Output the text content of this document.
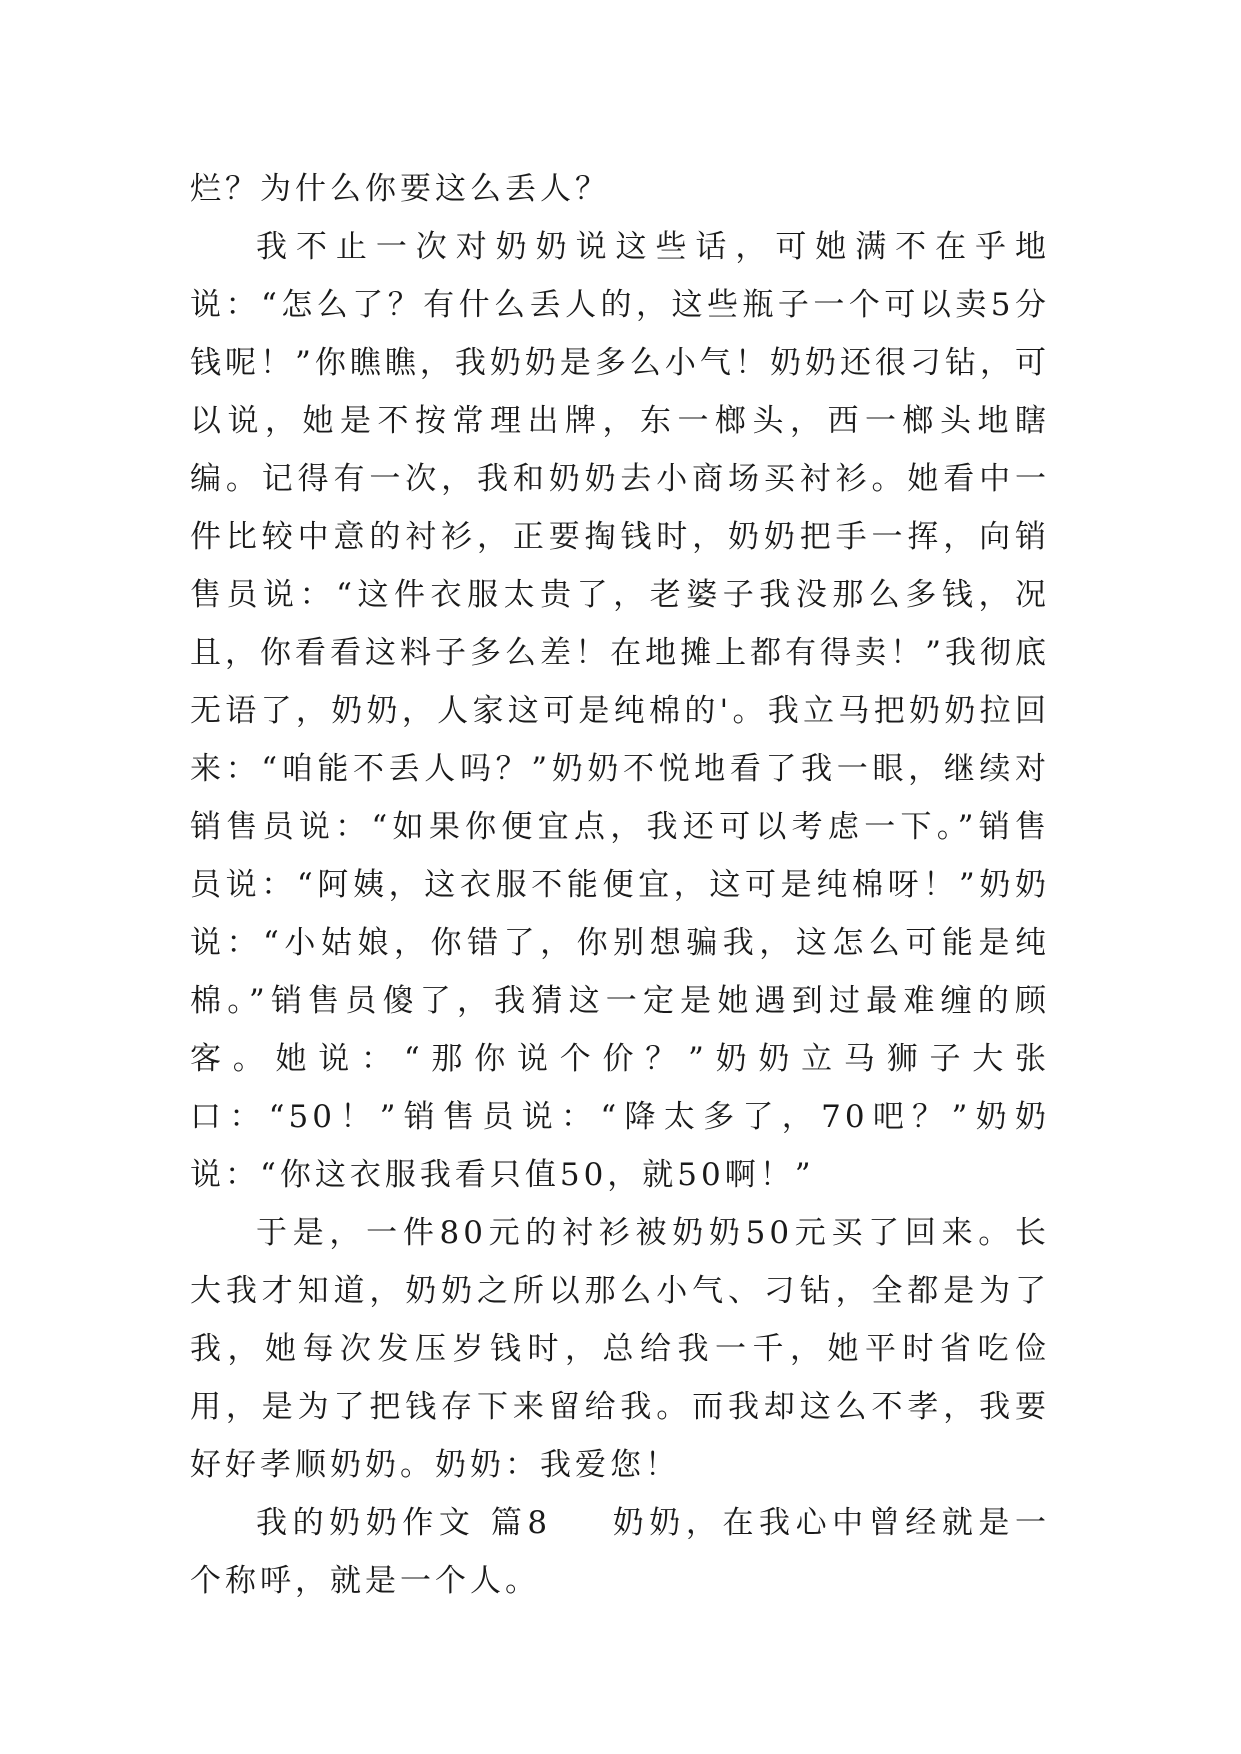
烂？为什么你要这么丢人？

我不止一次对奶奶说这些话，可她满不在乎地说：“怎么了？有什么丢人的，这些瓶子一个可以卖5分钱呢！”你瞧瞧，我奶奶是多么小气！奶奶还很刁钻，可以说，她是不按常理出牌，东一榔头，西一榔头地瞎编。记得有一次，我和奶奶去小商场买衬衫。她看中一件比较中意的衬衫，正要掏钱时，奶奶把手一挥，向销售员说：“这件衣服太贵了，老婆子我没那么多钱，况且，你看看这料子多么差！在地摊上都有得卖！”我彻底无语了，奶奶，人家这可是纯棉的'。我立马把奶奶拉回来：“咱能不丢人吗？”奶奶不悦地看了我一眼，继续对销售员说：“如果你便宜点，我还可以考虑一下。”销售员说：“阿姨，这衣服不能便宜，这可是纯棉呀！”奶奶说：“小姑娘，你错了，你别想骗我，这怎么可能是纯棉。”销售员傻了，我猜这一定是她遇到过最难缠的顾客。她说：“那你说个价？”奶奶立马狮子大张口：“50！”销售员说：“降太多了，70吧？”奶奶说：“你这衣服我看只值50，就50啊！”

于是，一件80元的衬衫被奶奶50元买了回来。长大我才知道，奶奶之所以那么小气、刁钻，全都是为了我，她每次发压岁钱时，总给我一千，她平时省吃俭用，是为了把钱存下来留给我。而我却这么不孝，我要好好孝顺奶奶。奶奶：我爱您！

我的奶奶作文 篇8 奶奶，在我心中曾经就是一个称呼，就是一个人。
